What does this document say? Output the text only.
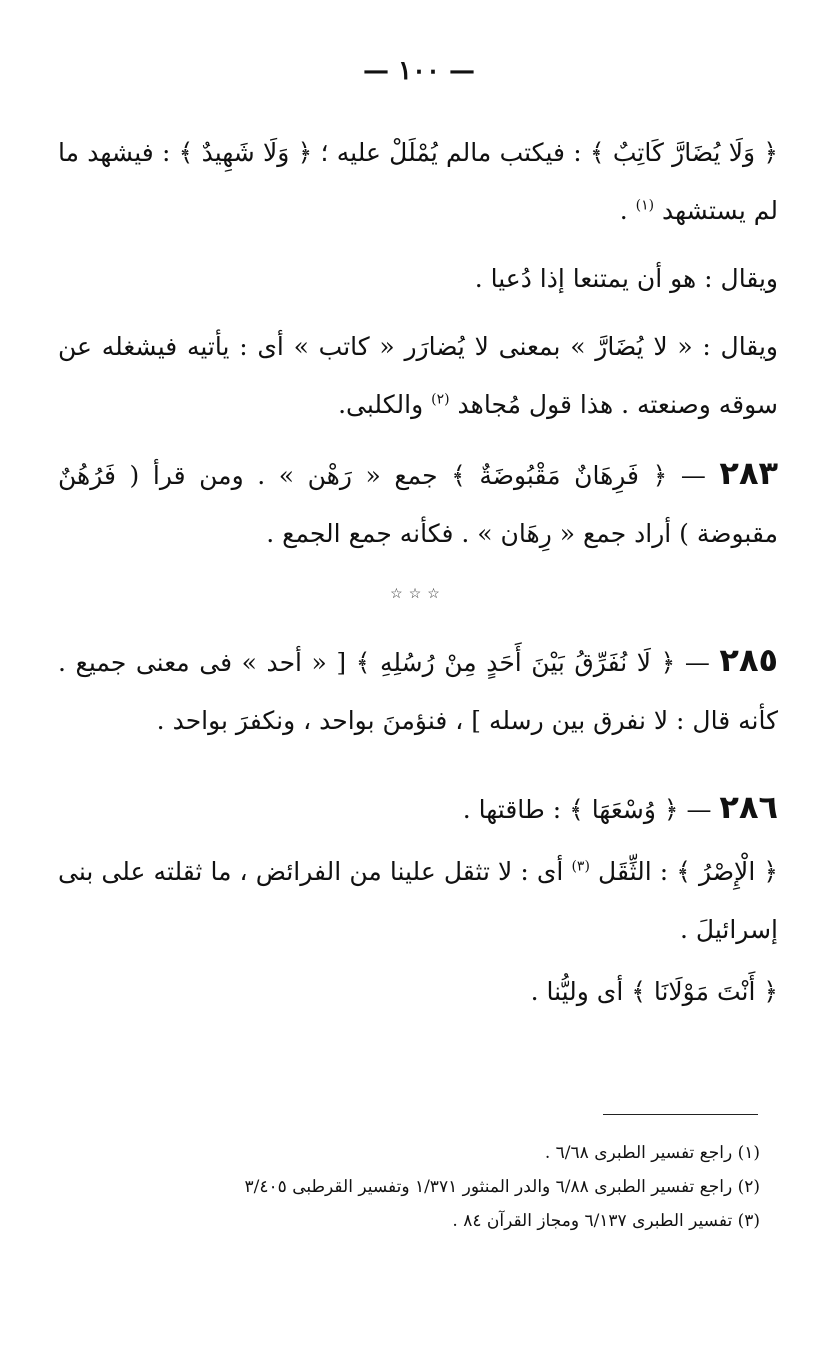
— ١٠٠ —

﴿ وَلَا يُضَارَّ كَاتِبٌ ﴾ : فيكتب مالم يُمْلَلْ عليه ؛ ﴿ وَلَا شَهِيدٌ ﴾ : فيشهد ما لم يستشهد $^{(١)}$ .

ويقال : هو أن يمتنعا إذا دُعيا .

ويقال : « لا يُضَارَّ » بمعنى لا يُضارَر « كاتب » أى : يأتيه فيشغله عن سوقه وصنعته . هذا قول مُجاهد $^{(٢)}$ والكلبى.

٢٨٣ — ﴿ فَرِهَانٌ مَقْبُوضَةٌ ﴾ جمع « رَهْن » . ومن قرأ ( فَرُهُنٌ مقبوضة ) أراد جمع « رِهَان » . فكأنه جمع الجمع .

☆☆☆

٢٨٥ — ﴿ لَا نُفَرِّقُ بَيْنَ أَحَدٍ مِنْ رُسُلِهِ ﴾ [ « أحد » فى معنى جميع . كأنه قال : لا نفرق بين رسله ] ، فنؤمنَ بواحد ، ونكفرَ بواحد .

٢٨٦ — ﴿ وُسْعَهَا ﴾ : طاقتها .

﴿ الْإِصْرُ ﴾ : الثِّقَل $^{(٣)}$ أى : لا تثقل علينا من الفرائض ، ما ثقلته على بنى إسرائيلَ .

﴿ أَنْتَ مَوْلَانَا ﴾ أى وليُّنا .

(١) راجع تفسير الطبرى ٦/٦٨ .
(٢) راجع تفسير الطبرى ٦/٨٨ والدر المنثور ١/٣٧١ وتفسير القرطبى ٣/٤٠٥
(٣) تفسير الطبرى ٦/١٣٧ ومجاز القرآن ٨٤ .
